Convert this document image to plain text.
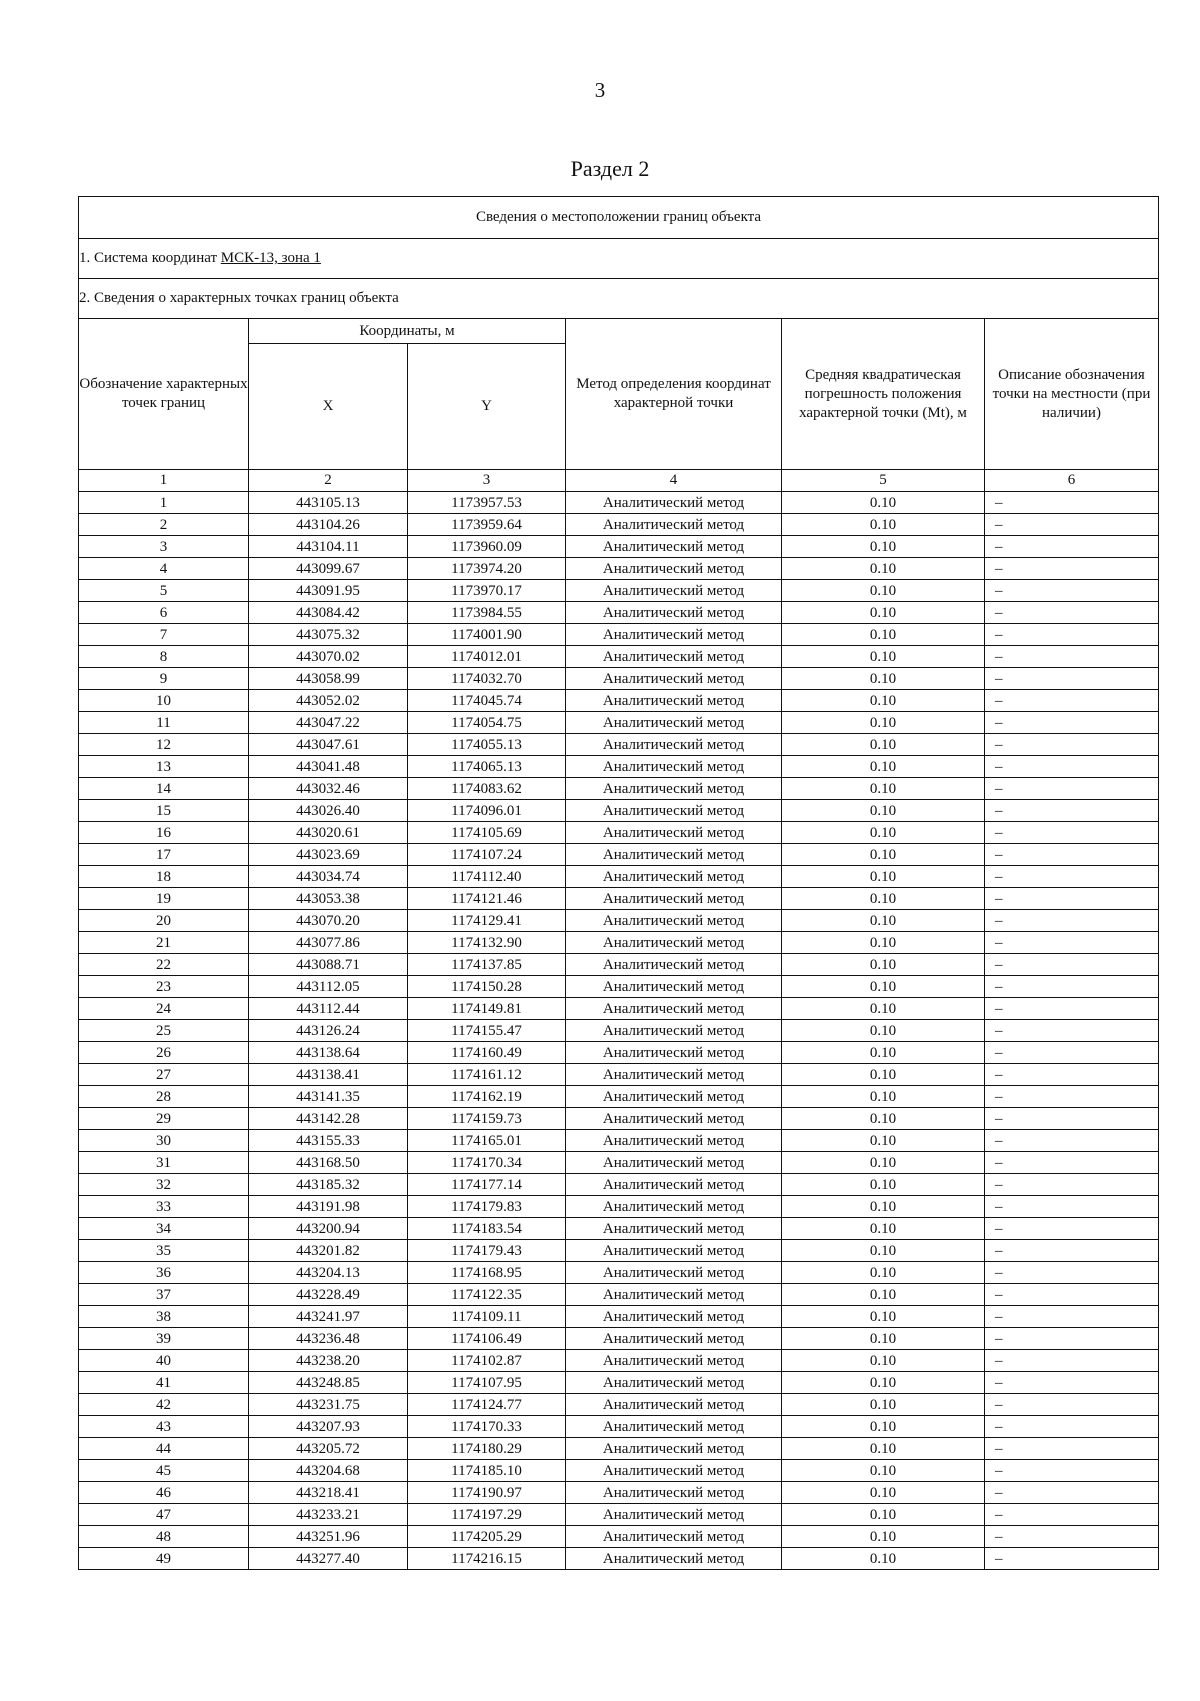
3
Раздел 2
Сведения о местоположении границ объекта					
1. Система координат МСК-13, зона 1					
2. Сведения о характерных точках границ объекта					
Обозначение характерных точек границ	Координаты, м		Метод определения координат характерной точки	Средняя квадратическая погрешность положения характерной точки (Mt), м	Описание обозначения точки на местности (при наличии)
	X	Y			
1	2	3	4	5	6
1	443105.13	1173957.53	Аналитический метод	0.10	–
2	443104.26	1173959.64	Аналитический метод	0.10	–
3	443104.11	1173960.09	Аналитический метод	0.10	–
4	443099.67	1173974.20	Аналитический метод	0.10	–
5	443091.95	1173970.17	Аналитический метод	0.10	–
6	443084.42	1173984.55	Аналитический метод	0.10	–
7	443075.32	1174001.90	Аналитический метод	0.10	–
8	443070.02	1174012.01	Аналитический метод	0.10	–
9	443058.99	1174032.70	Аналитический метод	0.10	–
10	443052.02	1174045.74	Аналитический метод	0.10	–
11	443047.22	1174054.75	Аналитический метод	0.10	–
12	443047.61	1174055.13	Аналитический метод	0.10	–
13	443041.48	1174065.13	Аналитический метод	0.10	–
14	443032.46	1174083.62	Аналитический метод	0.10	–
15	443026.40	1174096.01	Аналитический метод	0.10	–
16	443020.61	1174105.69	Аналитический метод	0.10	–
17	443023.69	1174107.24	Аналитический метод	0.10	–
18	443034.74	1174112.40	Аналитический метод	0.10	–
19	443053.38	1174121.46	Аналитический метод	0.10	–
20	443070.20	1174129.41	Аналитический метод	0.10	–
21	443077.86	1174132.90	Аналитический метод	0.10	–
22	443088.71	1174137.85	Аналитический метод	0.10	–
23	443112.05	1174150.28	Аналитический метод	0.10	–
24	443112.44	1174149.81	Аналитический метод	0.10	–
25	443126.24	1174155.47	Аналитический метод	0.10	–
26	443138.64	1174160.49	Аналитический метод	0.10	–
27	443138.41	1174161.12	Аналитический метод	0.10	–
28	443141.35	1174162.19	Аналитический метод	0.10	–
29	443142.28	1174159.73	Аналитический метод	0.10	–
30	443155.33	1174165.01	Аналитический метод	0.10	–
31	443168.50	1174170.34	Аналитический метод	0.10	–
32	443185.32	1174177.14	Аналитический метод	0.10	–
33	443191.98	1174179.83	Аналитический метод	0.10	–
34	443200.94	1174183.54	Аналитический метод	0.10	–
35	443201.82	1174179.43	Аналитический метод	0.10	–
36	443204.13	1174168.95	Аналитический метод	0.10	–
37	443228.49	1174122.35	Аналитический метод	0.10	–
38	443241.97	1174109.11	Аналитический метод	0.10	–
39	443236.48	1174106.49	Аналитический метод	0.10	–
40	443238.20	1174102.87	Аналитический метод	0.10	–
41	443248.85	1174107.95	Аналитический метод	0.10	–
42	443231.75	1174124.77	Аналитический метод	0.10	–
43	443207.93	1174170.33	Аналитический метод	0.10	–
44	443205.72	1174180.29	Аналитический метод	0.10	–
45	443204.68	1174185.10	Аналитический метод	0.10	–
46	443218.41	1174190.97	Аналитический метод	0.10	–
47	443233.21	1174197.29	Аналитический метод	0.10	–
48	443251.96	1174205.29	Аналитический метод	0.10	–
49	443277.40	1174216.15	Аналитический метод	0.10	–
